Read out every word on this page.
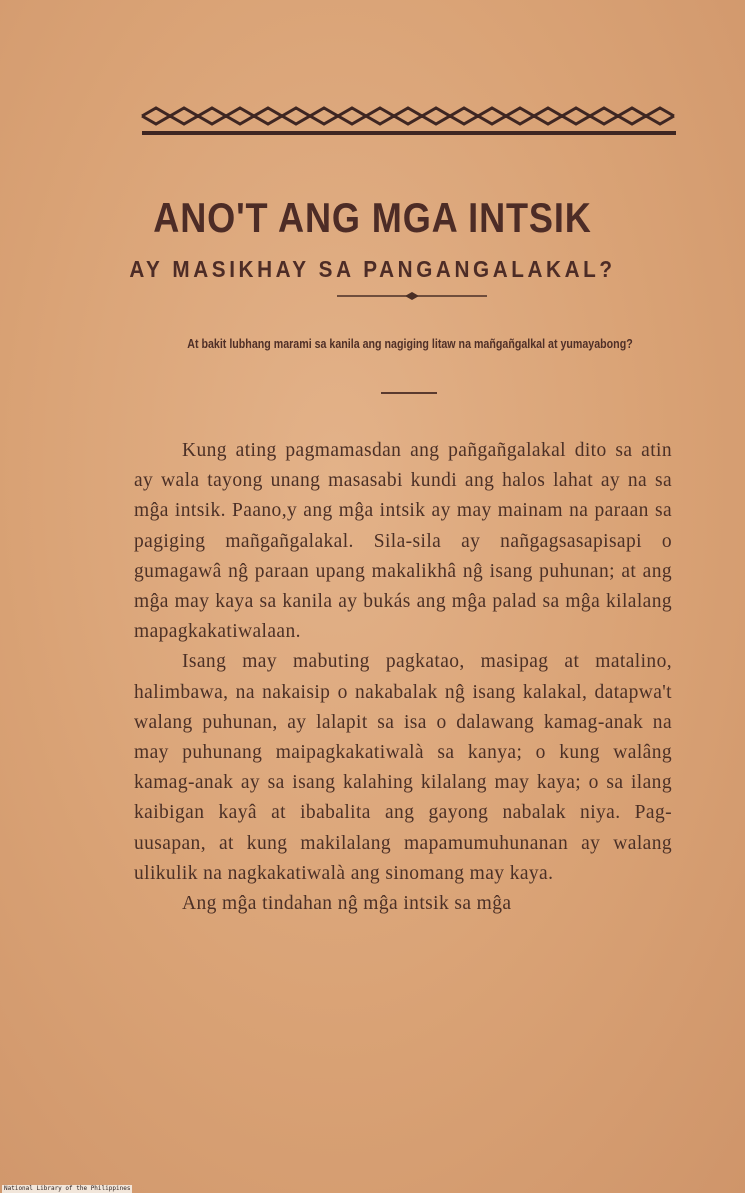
ANO'T ANG MGA INTSIK
AY MASIKHAY SA PANGANGALAKAL?
At bakit lubhang marami sa kanila ang nagiging litaw na mañgañgalkal at yumayabong?

Kung ating pagmamasdan ang pañgañgalakal dito sa atin ay wala tayong unang masasabi kundi ang halos lahat ay na sa mĝa intsik. Paano,y ang mĝa intsik ay may mainam na paraan sa pagiging mañgañgalakal. Sila-sila ay nañgagsasapisapi o gumagawâ nĝ paraan upang makalikhâ nĝ isang puhunan; at ang mĝa may kaya sa kanila ay bukás ang mĝa palad sa mĝa kilalang mapagkakatiwalaan.

Isang may mabuting pagkatao, masipag at matalino, halimbawa, na nakaisip o nakabalak nĝ isang kalakal, datapwa't walang puhunan, ay lalapit sa isa o dalawang kamag-anak na may puhunang maipagkakatiwalà sa kanya; o kung walâng kamag-anak ay sa isang kalahing kilalang may kaya; o sa ilang kaibigan kayâ at ibabalita ang gayong nabalak niya. Pag-uusapan, at kung makilalang mapamumuhunanan ay walang ulikulik na nagkakatiwalà ang sinomang may kaya.

Ang mĝa tindahan nĝ mĝa intsik sa mĝa

National Library of the Philippines
